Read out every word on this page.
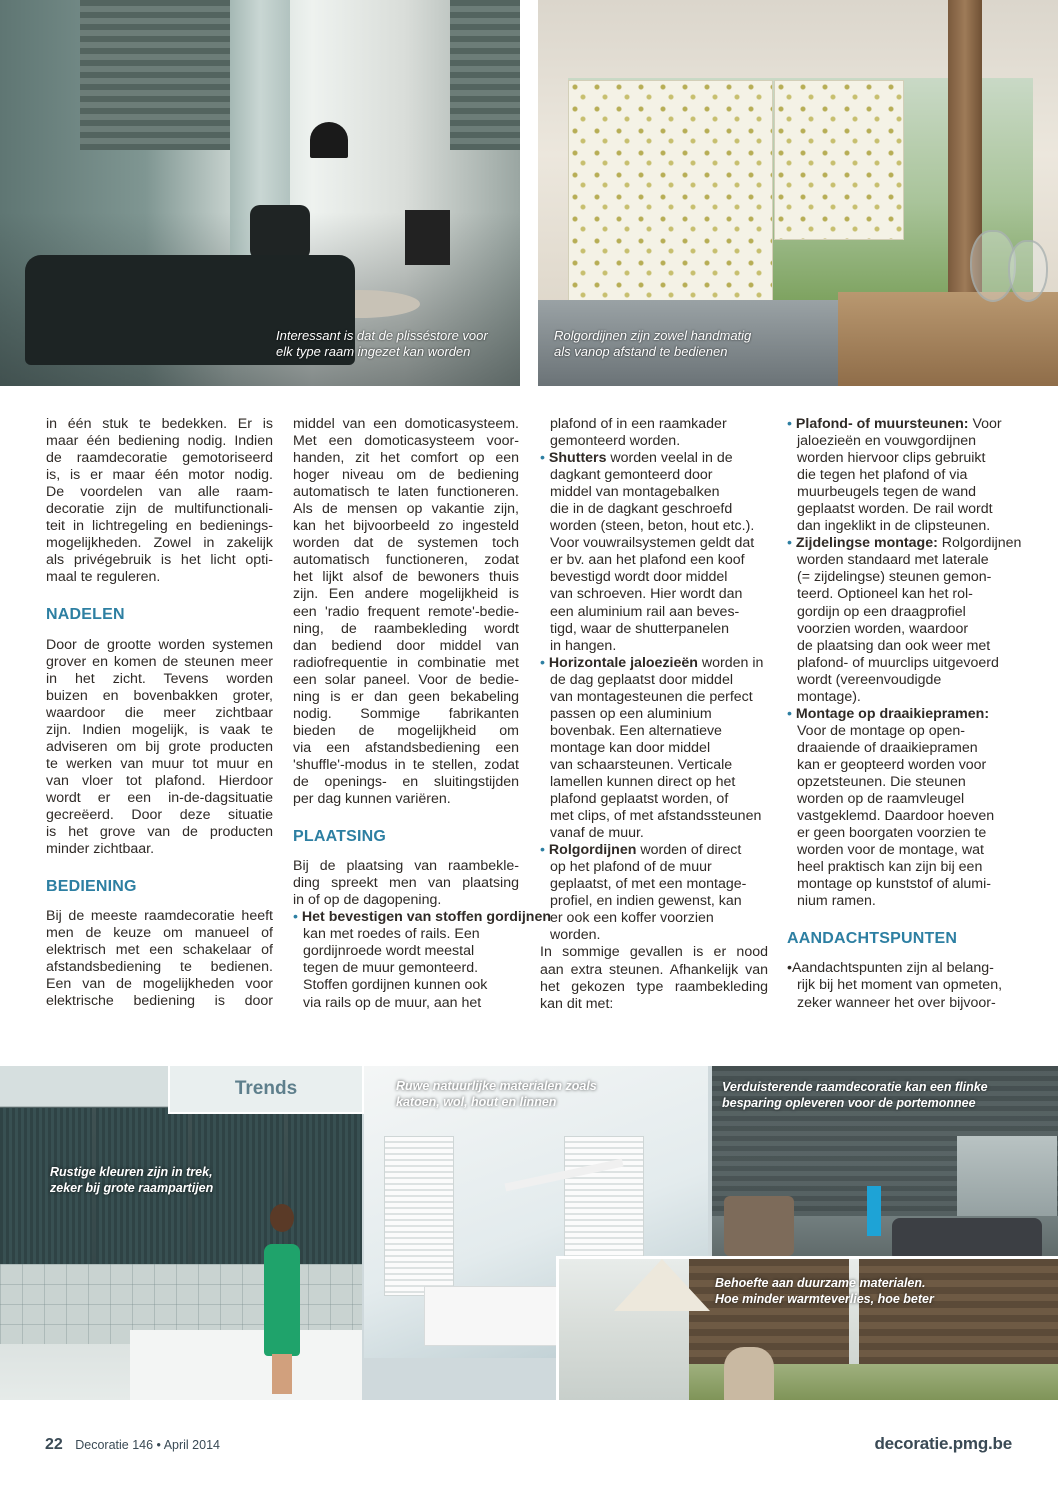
Interessant is dat de plisséstore voor
elk type raam ingezet kan worden
Rolgordijnen zijn zowel handmatig
als vanop afstand te bedienen
in één stuk te bedekken. Er is
maar één bediening nodig. Indien
de raamdecoratie gemotoriseerd
is, is er maar één motor nodig.
De voordelen van alle raam-
decoratie zijn de multifunctionali-
teit in lichtregeling en bedienings-
mogelijkheden. Zowel in zakelijk
als privégebruik is het licht opti-
maal te reguleren.
NADELEN
Door de grootte worden systemen
grover en komen de steunen meer
in het zicht. Tevens worden
buizen en bovenbakken groter,
waardoor die meer zichtbaar
zijn. Indien mogelijk, is vaak te
adviseren om bij grote producten
te werken van muur tot muur en
van vloer tot plafond. Hierdoor
wordt er een in-de-dagsituatie
gecreëerd. Door deze situatie
is het grove van de producten
minder zichtbaar.
BEDIENING
Bij de meeste raamdecoratie heeft
men de keuze om manueel of
elektrisch met een schakelaar of
afstandsbediening te bedienen.
Een van de mogelijkheden voor
elektrische bediening is door
middel van een domoticasysteem.
Met een domoticasysteem voor-
handen, zit het comfort op een
hoger niveau om de bediening
automatisch te laten functioneren.
Als de mensen op vakantie zijn,
kan het bijvoorbeeld zo ingesteld
worden dat de systemen toch
automatisch functioneren, zodat
het lijkt alsof de bewoners thuis
zijn. Een andere mogelijkheid is
een 'radio frequent remote'-bedie-
ning, de raambekleding wordt
dan bediend door middel van
radiofrequentie in combinatie met
een solar paneel. Voor de bedie-
ning is er dan geen bekabeling
nodig. Sommige fabrikanten
bieden de mogelijkheid om
via een afstandsbediening een
'shuffle'-modus in te stellen, zodat
de openings- en sluitingstijden
per dag kunnen variëren.
PLAATSING
Bij de plaatsing van raambekle-
ding spreekt men van plaatsing
in of op de dagopening.
• Het bevestigen van stoffen gordijnen
kan met roedes of rails. Een
gordijnroede wordt meestal
tegen de muur gemonteerd.
Stoffen gordijnen kunnen ook
via rails op de muur, aan het
plafond of in een raamkader
gemonteerd worden.
• Shutters worden veelal in de
dagkant gemonteerd door
middel van montagebalken
die in de dagkant geschroefd
worden (steen, beton, hout etc.).
Voor vouwrailsystemen geldt dat
er bv. aan het plafond een koof
bevestigd wordt door middel
van schroeven. Hier wordt dan
een aluminium rail aan beves-
tigd, waar de shutterpanelen
in hangen.
• Horizontale jaloezieën worden in
de dag geplaatst door middel
van montagesteunen die perfect
passen op een aluminium
bovenbak. Een alternatieve
montage kan door middel
van schaarsteunen. Verticale
lamellen kunnen direct op het
plafond geplaatst worden, of
met clips, of met afstandssteunen
vanaf de muur.
• Rolgordijnen worden of direct
op het plafond of de muur
geplaatst, of met een montage-
profiel, en indien gewenst, kan
er ook een koffer voorzien
worden.
In sommige gevallen is er nood
aan extra steunen. Afhankelijk van
het gekozen type raambekleding
kan dit met:
• Plafond- of muursteunen: Voor
jaloezieën en vouwgordijnen
worden hiervoor clips gebruikt
die tegen het plafond of via
muurbeugels tegen de wand
geplaatst worden. De rail wordt
dan ingeklikt in de clipsteunen.
• Zijdelingse montage: Rolgordijnen
worden standaard met laterale
(= zijdelingse) steunen gemon-
teerd. Optioneel kan het rol-
gordijn op een draagprofiel
voorzien worden, waardoor
de plaatsing dan ook weer met
plafond- of muurclips uitgevoerd
wordt (vereenvoudigde
montage).
• Montage op draaikiepramen:
Voor de montage op open-
draaiende of draaikiepramen
kan er geopteerd worden voor
opzetsteunen. Die steunen
worden op de raamvleugel
vastgeklemd. Daardoor hoeven
er geen boorgaten voorzien te
worden voor de montage, wat
heel praktisch kan zijn bij een
montage op kunststof of alumi-
nium ramen.
AANDACHTSPUNTEN
•Aandachtspunten zijn al belang-
rijk bij het moment van opmeten,
zeker wanneer het over bijvoor-
Rustige kleuren zijn in trek,
zeker bij grote raampartijen
Trends	Ruwe natuurlijke materialen zoals
katoen, wol, hout en linnen
Verduisterende raamdecoratie kan een flinke
besparing opleveren voor de portemonnee
Behoefte aan duurzame materialen.
Hoe minder warmteverlies, hoe beter
22 Decoratie 146 • April 2014	decoratie.pmg.be
